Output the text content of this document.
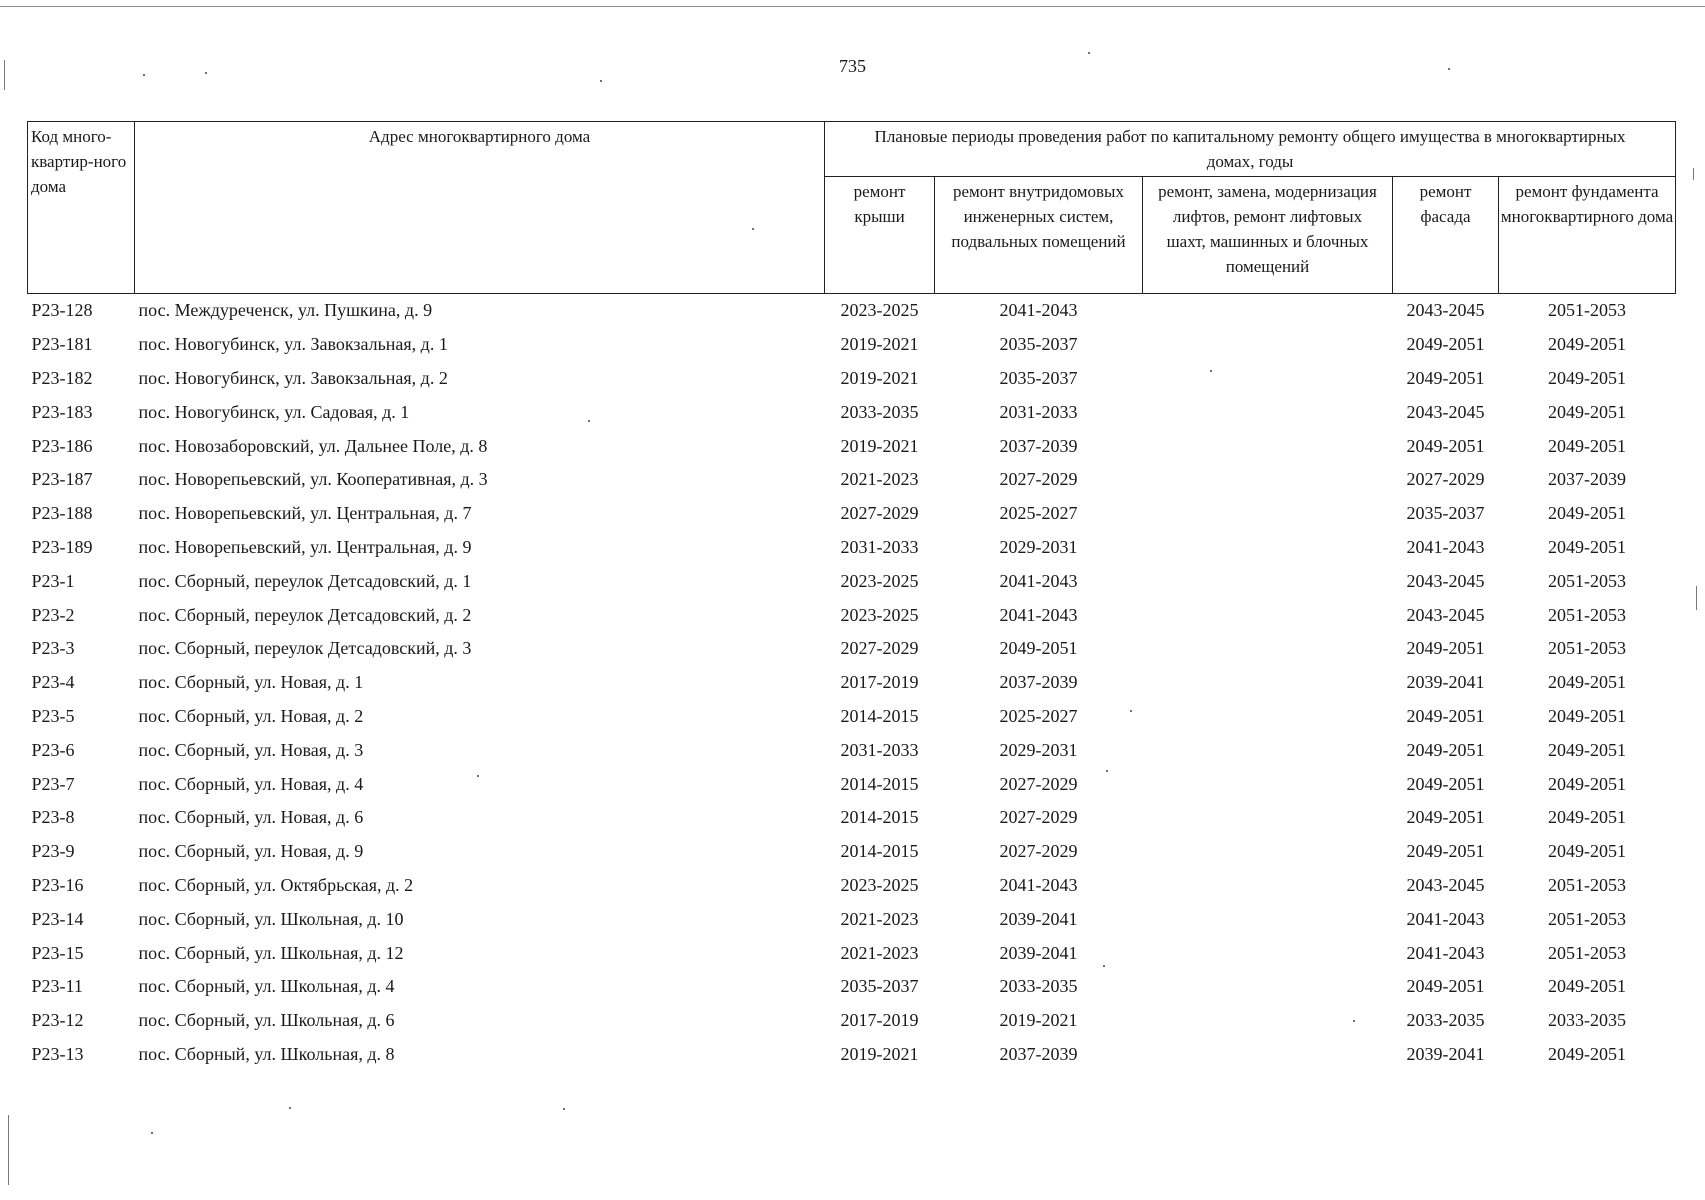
735
Код много-квартир-ного дома	Адрес многоквартирного дома	Плановые периоды проведения работ по капитальному ремонту общего имущества в многоквартирных домах, годы				
		ремонт крыши	ремонт внутридомовых инженерных систем, подвальных помещений	ремонт, замена, модернизация лифтов, ремонт лифтовых шахт, машинных и блочных помещений	ремонт фасада	ремонт фундамента многоквартирного дома
Р23-128	пос. Междуреченск, ул. Пушкина, д. 9	2023-2025	2041-2043		2043-2045	2051-2053
Р23-181	пос. Новогубинск, ул. Завокзальная, д. 1	2019-2021	2035-2037		2049-2051	2049-2051
Р23-182	пос. Новогубинск, ул. Завокзальная, д. 2	2019-2021	2035-2037		2049-2051	2049-2051
Р23-183	пос. Новогубинск, ул. Садовая, д. 1	2033-2035	2031-2033		2043-2045	2049-2051
Р23-186	пос. Новозаборовский, ул. Дальнее Поле, д. 8	2019-2021	2037-2039		2049-2051	2049-2051
Р23-187	пос. Новорепьевский, ул. Кооперативная, д. 3	2021-2023	2027-2029		2027-2029	2037-2039
Р23-188	пос. Новорепьевский, ул. Центральная, д. 7	2027-2029	2025-2027		2035-2037	2049-2051
Р23-189	пос. Новорепьевский, ул. Центральная, д. 9	2031-2033	2029-2031		2041-2043	2049-2051
Р23-1	пос. Сборный, переулок Детсадовский, д. 1	2023-2025	2041-2043		2043-2045	2051-2053
Р23-2	пос. Сборный, переулок Детсадовский, д. 2	2023-2025	2041-2043		2043-2045	2051-2053
Р23-3	пос. Сборный, переулок Детсадовский, д. 3	2027-2029	2049-2051		2049-2051	2051-2053
Р23-4	пос. Сборный, ул. Новая, д. 1	2017-2019	2037-2039		2039-2041	2049-2051
Р23-5	пос. Сборный, ул. Новая, д. 2	2014-2015	2025-2027		2049-2051	2049-2051
Р23-6	пос. Сборный, ул. Новая, д. 3	2031-2033	2029-2031		2049-2051	2049-2051
Р23-7	пос. Сборный, ул. Новая, д. 4	2014-2015	2027-2029		2049-2051	2049-2051
Р23-8	пос. Сборный, ул. Новая, д. 6	2014-2015	2027-2029		2049-2051	2049-2051
Р23-9	пос. Сборный, ул. Новая, д. 9	2014-2015	2027-2029		2049-2051	2049-2051
Р23-16	пос. Сборный, ул. Октябрьская, д. 2	2023-2025	2041-2043		2043-2045	2051-2053
Р23-14	пос. Сборный, ул. Школьная, д. 10	2021-2023	2039-2041		2041-2043	2051-2053
Р23-15	пос. Сборный, ул. Школьная, д. 12	2021-2023	2039-2041		2041-2043	2051-2053
Р23-11	пос. Сборный, ул. Школьная, д. 4	2035-2037	2033-2035		2049-2051	2049-2051
Р23-12	пос. Сборный, ул. Школьная, д. 6	2017-2019	2019-2021		2033-2035	2033-2035
Р23-13	пос. Сборный, ул. Школьная, д. 8	2019-2021	2037-2039		2039-2041	2049-2051
